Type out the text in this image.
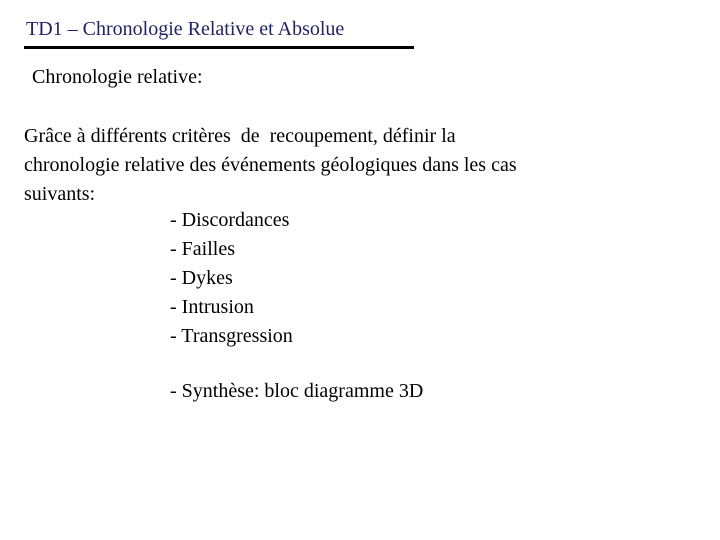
TD1 – Chronologie Relative et Absolue
Chronologie relative:
Grâce à différents critères  de  recoupement, définir la
chronologie relative des événements géologiques dans les cas
suivants:
- Discordances
- Failles
- Dykes
- Intrusion
- Transgression
- Synthèse: bloc diagramme 3D
